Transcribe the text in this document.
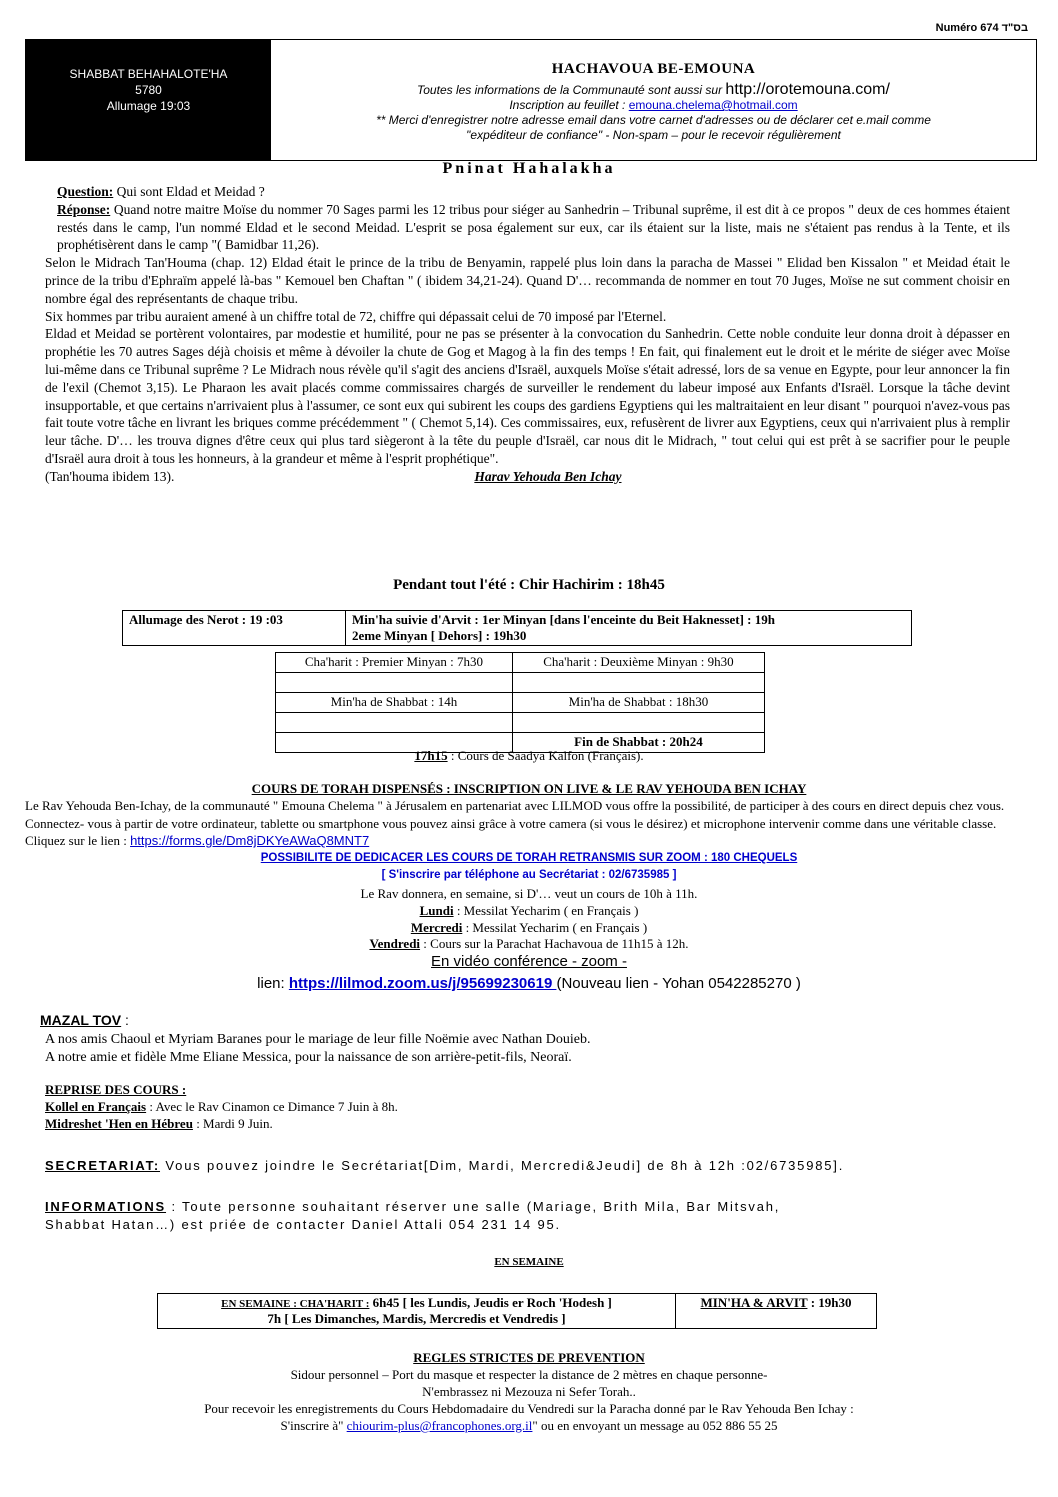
Numéro 674 בס"ד
SHABBAT BEHAHALOTE'HA
5780
Allumage 19:03
HACHAVOUA BE-EMOUNA
Toutes les informations de la Communauté sont aussi sur http://orotemouna.com/
Inscription au feuillet : emouna.chelema@hotmail.com
** Merci d'enregistrer notre adresse email dans votre carnet d'adresses ou de déclarer cet e.mail comme
"expéditeur de confiance" - Non-spam – pour le recevoir régulièrement
Pninat Hahalakha

Question: Qui sont Eldad et Meidad ?

Réponse: Quand notre maitre Moïse du nommer 70 Sages parmi les 12 tribus pour siéger au Sanhedrin – Tribunal suprême, il est dit à ce propos " deux de ces hommes étaient restés dans le camp, l'un nommé Eldad et le second Meidad. L'esprit se posa également sur eux, car ils étaient sur la liste, mais ne s'étaient pas rendus à la Tente, et ils prophétisèrent dans le camp "( Bamidbar 11,26).

Selon le Midrach Tan'Houma (chap. 12) Eldad était le prince de la tribu de Benyamin, rappelé plus loin dans la paracha de Massei " Elidad ben Kissalon " et Meidad était le prince de la tribu d'Ephraïm appelé là-bas " Kemouel ben Chaftan " ( ibidem 34,21-24). Quand D'… recommanda de nommer en tout 70 Juges, Moïse ne sut comment choisir en nombre égal des représentants de chaque tribu.

Six hommes par tribu auraient amené à un chiffre total de 72, chiffre qui dépassait celui de 70 imposé par l'Eternel.

Eldad et Meidad se portèrent volontaires, par modestie et humilité, pour ne pas se présenter à la convocation du Sanhedrin. Cette noble conduite leur donna droit à dépasser en prophétie les 70 autres Sages déjà choisis et même à dévoiler la chute de Gog et Magog à la fin des temps ! En fait, qui finalement eut le droit et le mérite de siéger avec Moïse lui-même dans ce Tribunal suprême ? Le Midrach nous révèle qu'il s'agit des anciens d'Israël, auxquels Moïse s'était adressé, lors de sa venue en Egypte, pour leur annoncer la fin de l'exil (Chemot 3,15). Le Pharaon les avait placés comme commissaires chargés de surveiller le rendement du labeur imposé aux Enfants d'Israël. Lorsque la tâche devint insupportable, et que certains n'arrivaient plus à l'assumer, ce sont eux qui subirent les coups des gardiens Egyptiens qui les maltraitaient en leur disant " pourquoi n'avez-vous pas fait toute votre tâche en livrant les briques comme précédemment " ( Chemot 5,14). Ces commissaires, eux, refusèrent de livrer aux Egyptiens, ceux qui n'arrivaient plus à remplir leur tâche. D'… les trouva dignes d'être ceux qui plus tard siègeront à la tête du peuple d'Israël, car nous dit le Midrach, " tout celui qui est prêt à se sacrifier pour le peuple d'Israël aura droit à tous les honneurs, à la grandeur et même à l'esprit prophétique".

(Tan'houma ibidem 13).	Harav Yehouda Ben Ichay

Pendant tout l'été : Chir Hachirim : 18h45
Allumage des Nerot : 19 :03	Min'ha suivie d'Arvit : 1er Minyan [dans l'enceinte du Beit Haknesset] : 19h
2eme Minyan [ Dehors] : 19h30
Cha'harit : Premier Minyan : 7h30	Cha'harit : Deuxième Minyan : 9h30

Min'ha de Shabbat : 14h	Min'ha de Shabbat : 18h30

	Fin de Shabbat : 20h24
17h15 : Cours de Saadya Kalfon (Français).
COURS DE TORAH DISPENSÉS : INSCRIPTION ON LIVE & LE RAV YEHOUDA BEN ICHAY
Le Rav Yehouda Ben-Ichay, de la communauté " Emouna Chelema " à Jérusalem en partenariat avec LILMOD vous offre la possibilité, de participer à des cours en direct depuis chez vous. Connectez- vous à partir de votre ordinateur, tablette ou smartphone vous pouvez ainsi grâce à votre camera (si vous le désirez) et microphone intervenir comme dans une véritable classe. Cliquez sur le lien : https://forms.gle/Dm8jDKYeAWaQ8MNT7
POSSIBILITE DE DEDICACER LES COURS DE TORAH RETRANSMIS SUR ZOOM : 180 CHEQUELS
[ S'inscrire par téléphone au Secrétariat : 02/6735985 ]
Le Rav donnera, en semaine, si D'… veut un cours de 10h à 11h.
Lundi : Messilat Yecharim ( en Français )
Mercredi : Messilat Yecharim ( en Français )
Vendredi : Cours sur la Parachat Hachavoua de 11h15 à 12h.
En vidéo conférence - zoom -
lien: https://lilmod.zoom.us/j/95699230619 (Nouveau lien - Yohan 0542285270 )
MAZAL TOV :
A nos amis Chaoul et Myriam Baranes pour le mariage de leur fille Noëmie avec Nathan Douieb.
A notre amie et fidèle Mme Eliane Messica, pour la naissance de son arrière-petit-fils, Neoraï.
REPRISE DES COURS :
Kollel en Français : Avec le Rav Cinamon ce Dimance 7 Juin à 8h.
Midreshet 'Hen en Hébreu : Mardi 9 Juin.
SECRETARIAT: Vous pouvez joindre le Secrétariat[Dim, Mardi, Mercredi&Jeudi] de 8h à 12h :02/6735985].
INFORMATIONS : Toute personne souhaitant réserver une salle (Mariage, Brith Mila, Bar Mitsvah,
Shabbat Hatan…) est priée de contacter Daniel Attali 054 231 14 95.
EN SEMAINE
EN SEMAINE : CHA'HARIT : 6h45 [ les Lundis, Jeudis er Roch 'Hodesh ]
7h [ Les Dimanches, Mardis, Mercredis et Vendredis ]
	MIN'HA & ARVIT : 19h30
REGLES STRICTES DE PREVENTION
Sidour personnel – Port du masque et respecter la distance de 2 mètres en chaque personne-
N'embrassez ni Mezouza ni Sefer Torah..
Pour recevoir les enregistrements du Cours Hebdomadaire du Vendredi sur la Paracha donné par le Rav Yehouda Ben Ichay :
S'inscrire à" chiourim-plus@francophones.org.il" ou en envoyant un message au 052 886 55 25
